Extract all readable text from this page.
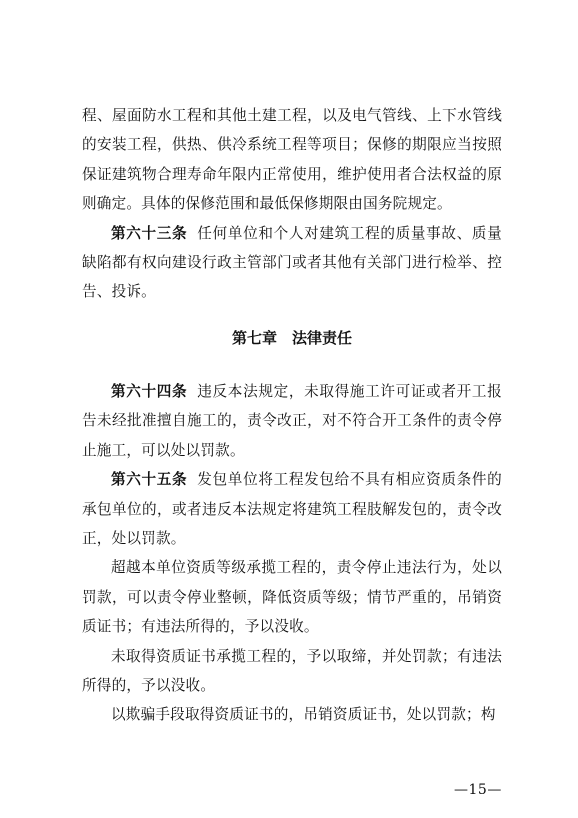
程、屋面防水工程和其他土建工程，以及电气管线、上下水管线的安装工程，供热、供冷系统工程等项目；保修的期限应当按照保证建筑物合理寿命年限内正常使用，维护使用者合法权益的原则确定。具体的保修范围和最低保修期限由国务院规定。

第六十三条 任何单位和个人对建筑工程的质量事故、质量缺陷都有权向建设行政主管部门或者其他有关部门进行检举、控告、投诉。

第七章　法律责任

第六十四条 违反本法规定，未取得施工许可证或者开工报告未经批准擅自施工的，责令改正，对不符合开工条件的责令停止施工，可以处以罚款。

第六十五条 发包单位将工程发包给不具有相应资质条件的承包单位的，或者违反本法规定将建筑工程肢解发包的，责令改正，处以罚款。

超越本单位资质等级承揽工程的，责令停止违法行为，处以罚款，可以责令停业整顿，降低资质等级；情节严重的，吊销资质证书；有违法所得的，予以没收。

未取得资质证书承揽工程的，予以取缔，并处罚款；有违法所得的，予以没收。

以欺骗手段取得资质证书的，吊销资质证书，处以罚款；构

—15—
